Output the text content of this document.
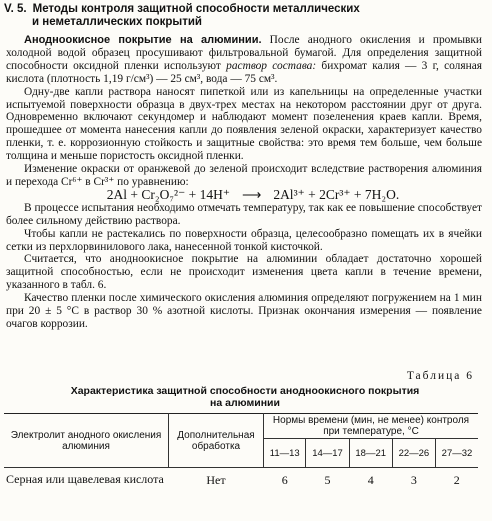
V. 5. Методы контроля защитной способности металлических
и неметаллических покрытий

Анодноокисное покрытие на алюминии. После анодного окисления и промывки холодной водой образец просушивают фильтровальной бумагой. Для определения защитной способности оксидной пленки используют раствор состава: бихромат калия — 3 г, соляная кислота (плотность 1,19 г/см³) — 25 см³, вода — 75 см³.

Одну-две капли раствора наносят пипеткой или из капельницы на определенные участки испытуемой поверхности образца в двух-трех местах на некотором расстоянии друг от друга. Одновременно включают секундомер и наблюдают момент позеленения краев капли. Время, прошедшее от момента нанесения капли до появления зеленой окраски, характеризует качество пленки, т. е. коррозионную стойкость и защитные свойства: это время тем больше, чем больше толщина и меньше пористость оксидной пленки.

Изменение окраски от оранжевой до зеленой происходит вследствие растворения алюминия и перехода Cr⁶⁺ в Cr³⁺ по уравнению:

2Al + Cr₂O₇²⁻ + 14H⁺ ⟶ 2Al³⁺ + 2Cr³⁺ + 7H₂O.

В процессе испытания необходимо отмечать температуру, так как ее повышение способствует более сильному действию раствора.

Чтобы капли не растекались по поверхности образца, целесообразно помещать их в ячейки сетки из перхлорвинилового лака, нанесенной тонкой кисточкой.

Считается, что анодноокисное покрытие на алюминии обладает достаточно хорошей защитной способностью, если не происходит изменения цвета капли в течение времени, указанного в табл. 6.

Качество пленки после химического окисления алюминия определяют погружением на 1 мин при 20 ± 5 °С в раствор 30 % азотной кислоты. Признак окончания измерения — появление очагов коррозии.

Таблица 6
Характеристика защитной способности анодноокисного покрытия
на алюминии
Электролит анодного окисления алюминия	Дополнительная обработка	Нормы времени (мин, не менее) контроля при температуре, °С				
		11—13	14—17	18—21	22—26	27—32
Серная или щавелевая кислота	Нет	6	5	4	3	2
